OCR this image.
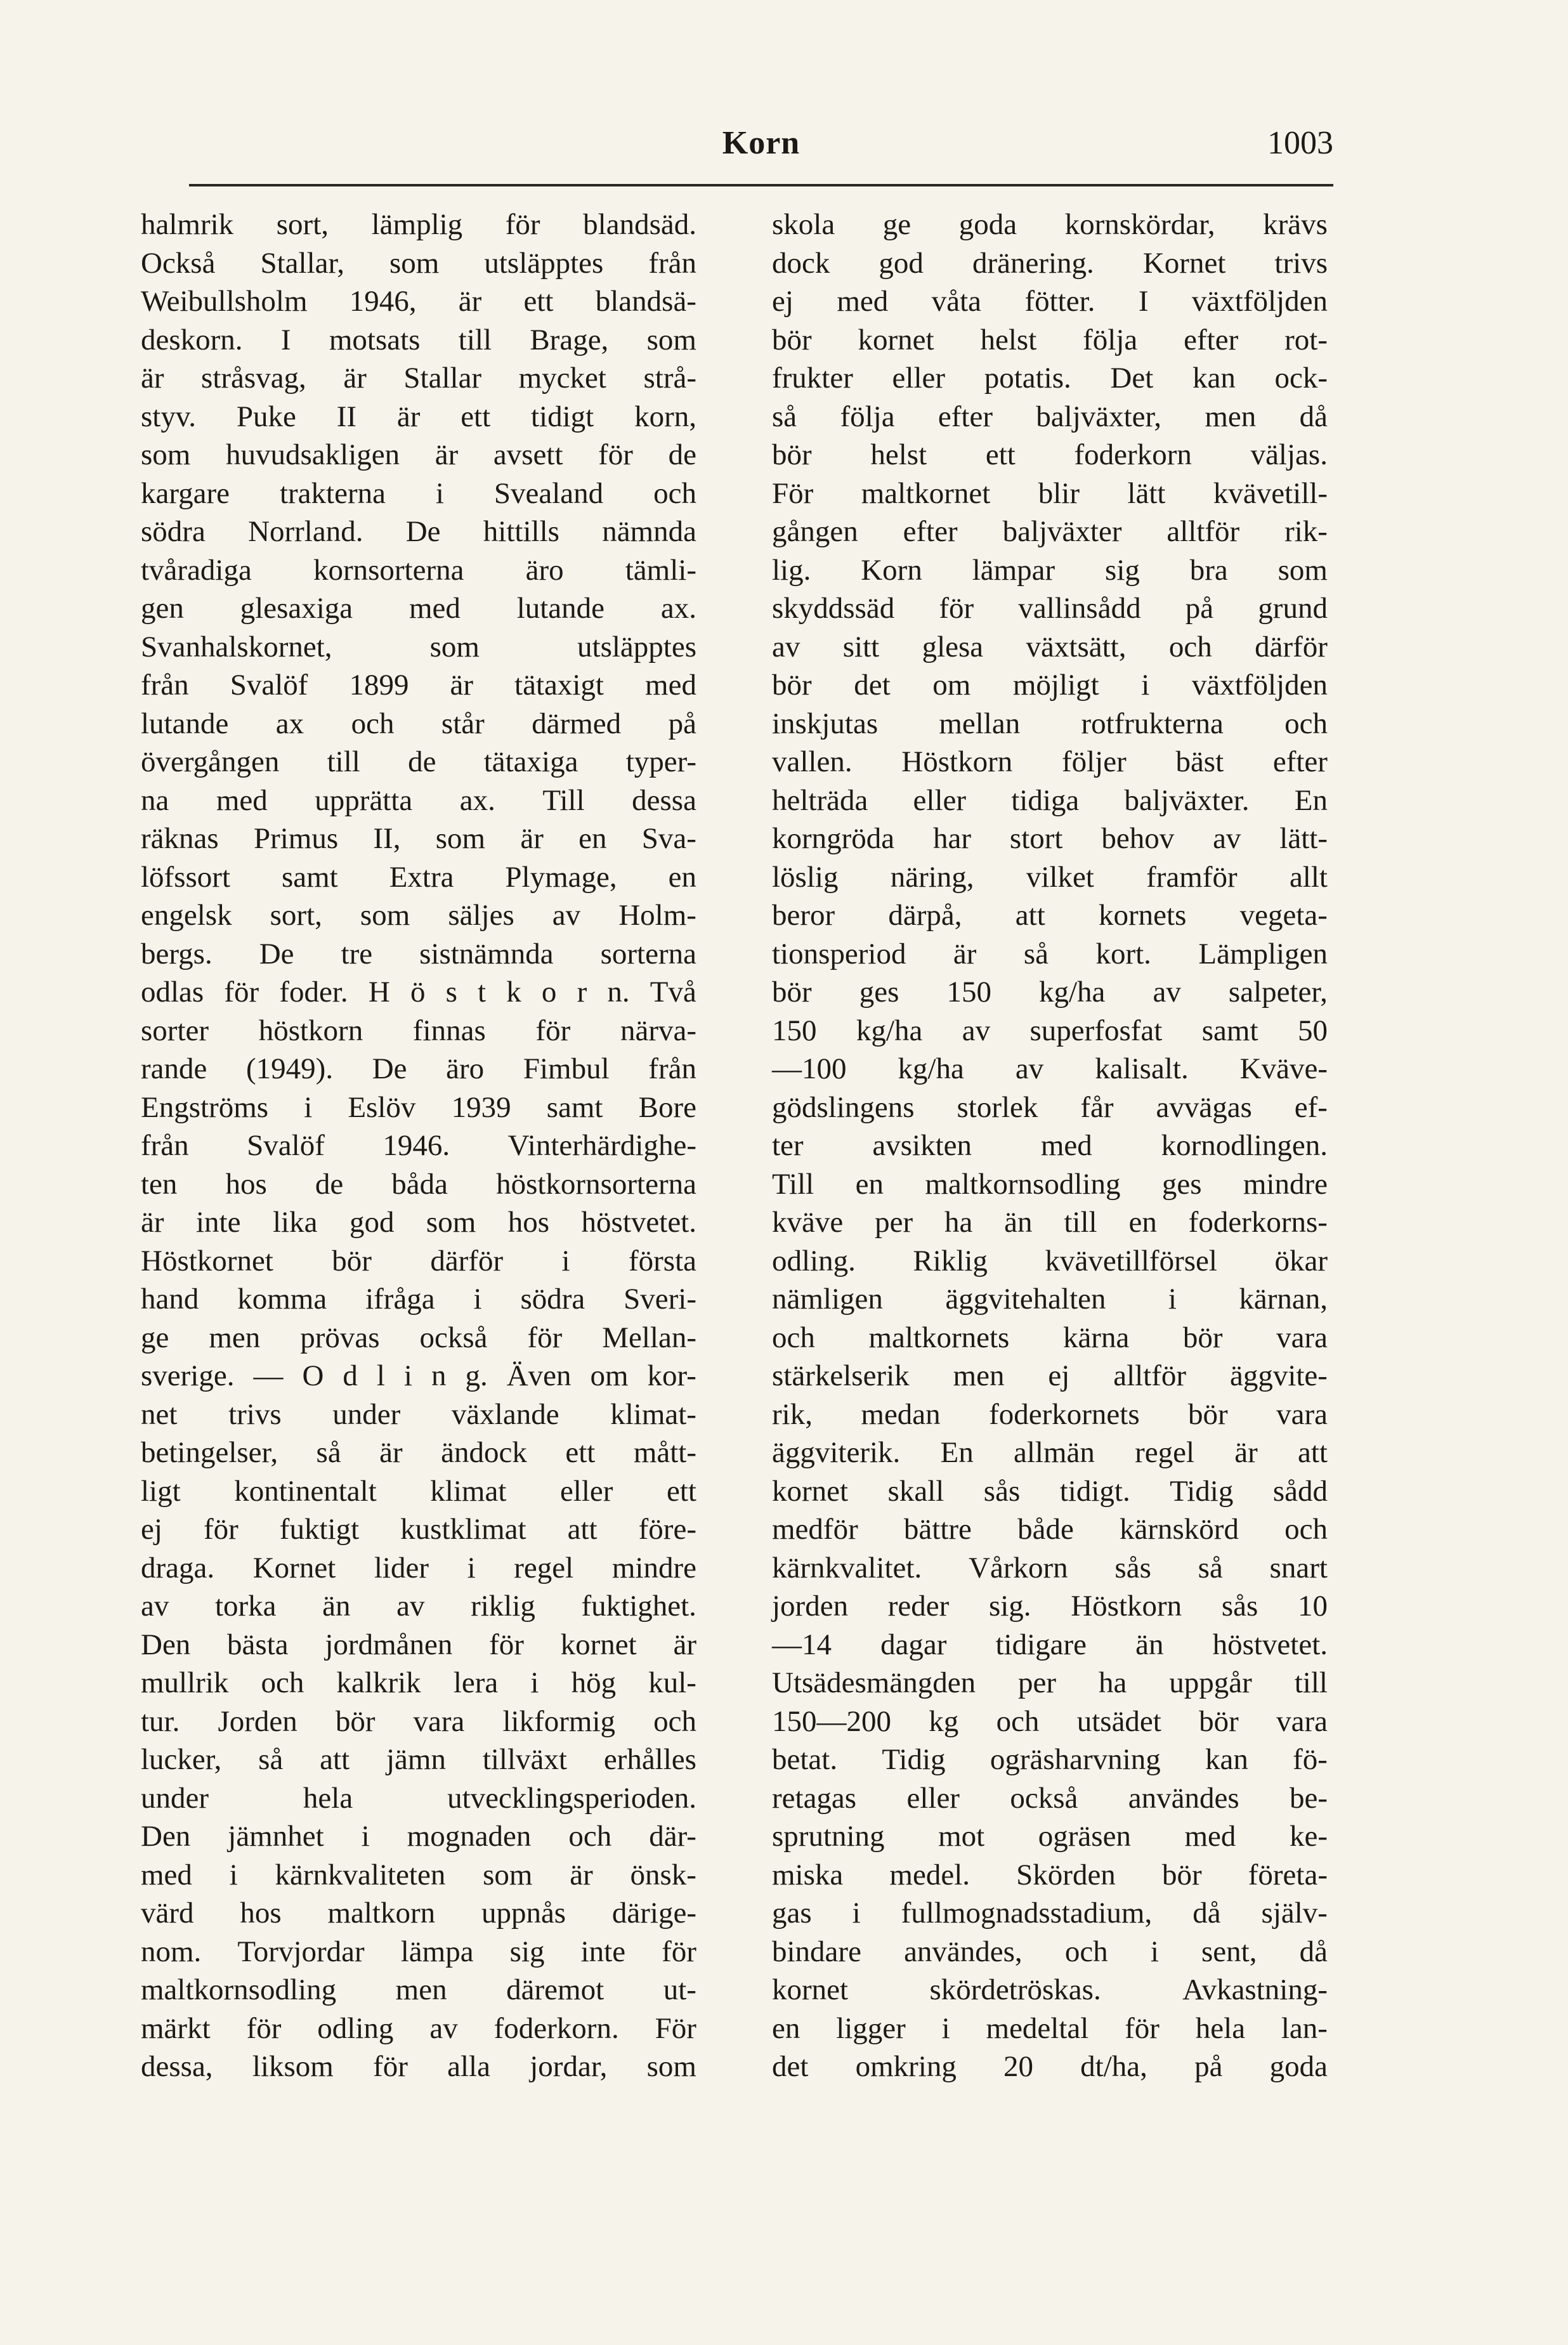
Korn	1003
halmrik sort, lämplig för blandsäd.
Också Stallar, som utsläpptes från
Weibullsholm 1946, är ett blandsä-
deskorn. I motsats till Brage, som
är stråsvag, är Stallar mycket strå-
styv. Puke II är ett tidigt korn,
som huvudsakligen är avsett för de
kargare trakterna i Svealand och
södra Norrland. De hittills nämnda
tvåradiga kornsorterna äro tämli-
gen glesaxiga med lutande ax.
Svanhalskornet,	som	utsläpptes
från Svalöf 1899 är tätaxigt med
lutande ax och står därmed på
övergången till de tätaxiga typer-
na med upprätta ax. Till dessa
räknas Primus II, som är en Sva-
löfssort samt Extra Plymage, en
engelsk sort, som säljes av Holm-
bergs. De tre sistnämnda sorterna
odlas för foder. H ö s t k o r n. Två
sorter höstkorn finnas för närva-
rande (1949). De äro Fimbul från
Engströms i Eslöv 1939 samt Bore
från Svalöf 1946. Vinterhärdighe-
ten hos de båda höstkornsorterna
är inte lika god som hos höstvetet.
Höstkornet bör därför i första
hand komma ifråga i södra Sveri-
ge men prövas också för Mellan-
sverige. — O d l i n g. Även om kor-
net trivs under växlande klimat-
betingelser, så är ändock ett mått-
ligt kontinentalt klimat eller ett
ej för fuktigt kustklimat att före-
draga. Kornet lider i regel mindre
av torka än av riklig fuktighet.
Den bästa jordmånen för kornet är
mullrik och kalkrik lera i hög kul-
tur. Jorden bör vara likformig och
lucker, så att jämn tillväxt erhålles
under	hela	utvecklingsperioden.
Den jämnhet i mognaden och där-
med i kärnkvaliteten som är önsk-
värd hos maltkorn uppnås därige-
nom. Torvjordar lämpa sig inte för
maltkornsodling men däremot ut-
märkt för odling av foderkorn. För
dessa, liksom för alla jordar, som
skola ge goda kornskördar, krävs
dock god dränering. Kornet trivs
ej med våta fötter. I växtföljden
bör kornet helst följa efter rot-
frukter eller potatis. Det kan ock-
så följa efter baljväxter, men då
bör helst ett foderkorn väljas.
För maltkornet blir lätt kvävetill-
gången efter baljväxter alltför rik-
lig. Korn lämpar sig bra som
skyddssäd för vallinsådd på grund
av sitt glesa växtsätt, och därför
bör det om möjligt i växtföljden
inskjutas mellan rotfrukterna och
vallen. Höstkorn följer bäst efter
helträda eller tidiga baljväxter. En
korngröda har stort behov av lätt-
löslig näring, vilket framför allt
beror därpå, att kornets vegeta-
tionsperiod är så kort. Lämpligen
bör ges 150 kg/ha av salpeter,
150 kg/ha av superfosfat samt 50
—100 kg/ha av kalisalt. Kväve-
gödslingens storlek får avvägas ef-
ter avsikten med kornodlingen.
Till en maltkornsodling ges mindre
kväve per ha än till en foderkorns-
odling. Riklig kvävetillförsel ökar
nämligen äggvitehalten i kärnan,
och maltkornets kärna bör vara
stärkelserik men ej alltför äggvite-
rik, medan foderkornets bör vara
äggviterik. En allmän regel är att
kornet skall sås tidigt. Tidig sådd
medför bättre både kärnskörd och
kärnkvalitet. Vårkorn sås så snart
jorden reder sig. Höstkorn sås 10
—14 dagar tidigare än höstvetet.
Utsädesmängden per ha uppgår till
150—200 kg och utsädet bör vara
betat. Tidig ogräsharvning kan fö-
retagas eller också användes be-
sprutning mot ogräsen med ke-
miska medel. Skörden bör företa-
gas i fullmognadsstadium, då själv-
bindare användes, och i sent, då
kornet	skördetröskas.	Avkastning-
en ligger i medeltal för hela lan-
det omkring 20 dt/ha, på goda
